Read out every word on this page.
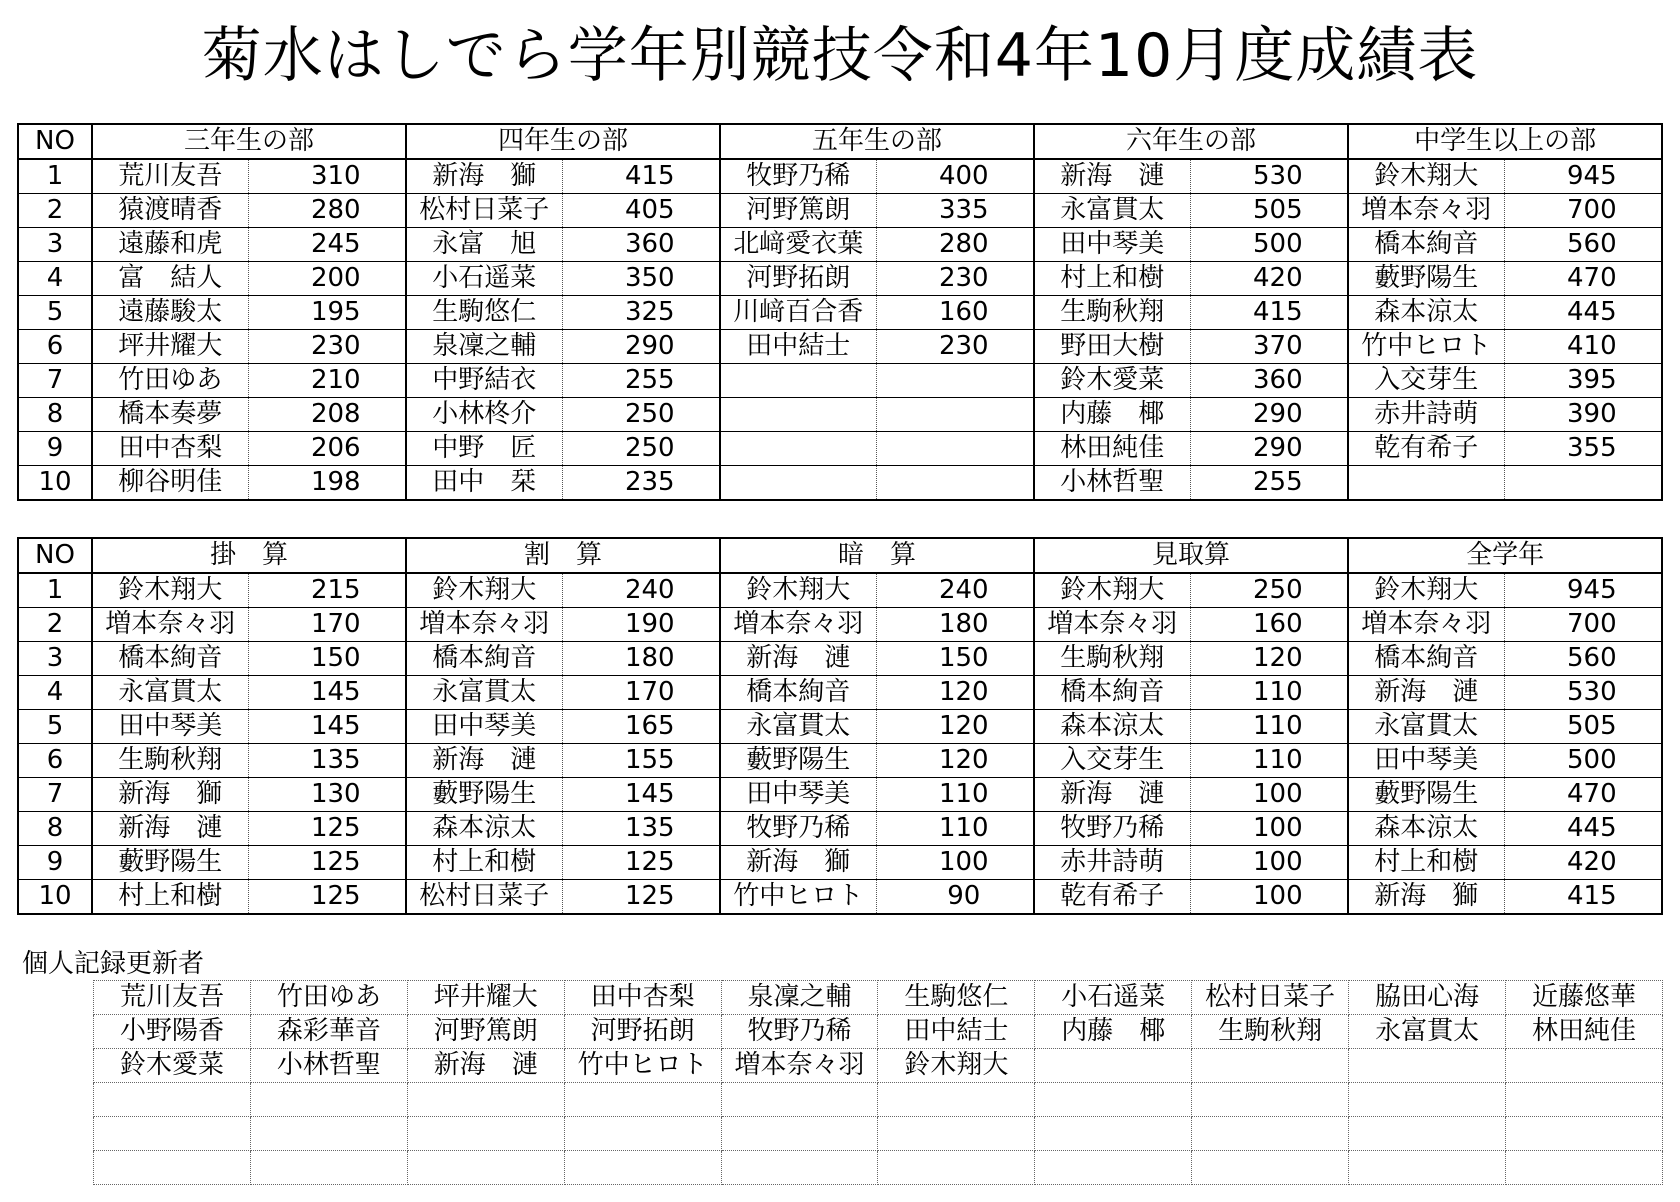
菊水はしでら学年別競技令和4年10月度成績表
NO	三年生の部		四年生の部		五年生の部		六年生の部		中学生以上の部	
1	荒川友吾	310	新海　獅	415	牧野乃稀	400	新海　漣	530	鈴木翔大	945
2	猿渡晴香	280	松村日菜子	405	河野篤朗	335	永富貫太	505	増本奈々羽	700
3	遠藤和虎	245	永富　旭	360	北﨑愛衣葉	280	田中琴美	500	橋本絢音	560
4	富　結人	200	小石遥菜	350	河野拓朗	230	村上和樹	420	藪野陽生	470
5	遠藤駿太	195	生駒悠仁	325	川﨑百合香	160	生駒秋翔	415	森本涼太	445
6	坪井耀大	230	泉凜之輔	290	田中結士	230	野田大樹	370	竹中ヒロト	410
7	竹田ゆあ	210	中野結衣	255			鈴木愛菜	360	入交芽生	395
8	橋本奏夢	208	小林柊介	250			内藤　椰	290	赤井詩萌	390
9	田中杏梨	206	中野　匠	250			林田純佳	290	乾有希子	355
10	柳谷明佳	198	田中　栞	235			小林哲聖	255		
NO	掛　算		割　算		暗　算		見取算		全学年	
1	鈴木翔大	215	鈴木翔大	240	鈴木翔大	240	鈴木翔大	250	鈴木翔大	945
2	増本奈々羽	170	増本奈々羽	190	増本奈々羽	180	増本奈々羽	160	増本奈々羽	700
3	橋本絢音	150	橋本絢音	180	新海　漣	150	生駒秋翔	120	橋本絢音	560
4	永富貫太	145	永富貫太	170	橋本絢音	120	橋本絢音	110	新海　漣	530
5	田中琴美	145	田中琴美	165	永富貫太	120	森本涼太	110	永富貫太	505
6	生駒秋翔	135	新海　漣	155	藪野陽生	120	入交芽生	110	田中琴美	500
7	新海　獅	130	藪野陽生	145	田中琴美	110	新海　漣	100	藪野陽生	470
8	新海　漣	125	森本涼太	135	牧野乃稀	110	牧野乃稀	100	森本涼太	445
9	藪野陽生	125	村上和樹	125	新海　獅	100	赤井詩萌	100	村上和樹	420
10	村上和樹	125	松村日菜子	125	竹中ヒロト	90	乾有希子	100	新海　獅	415
個人記録更新者
荒川友吾	竹田ゆあ	坪井耀大	田中杏梨	泉凜之輔	生駒悠仁	小石遥菜	松村日菜子	脇田心海	近藤悠華
小野陽香	森彩華音	河野篤朗	河野拓朗	牧野乃稀	田中結士	内藤　椰	生駒秋翔	永富貫太	林田純佳
鈴木愛菜	小林哲聖	新海　漣	竹中ヒロト	増本奈々羽	鈴木翔大				
